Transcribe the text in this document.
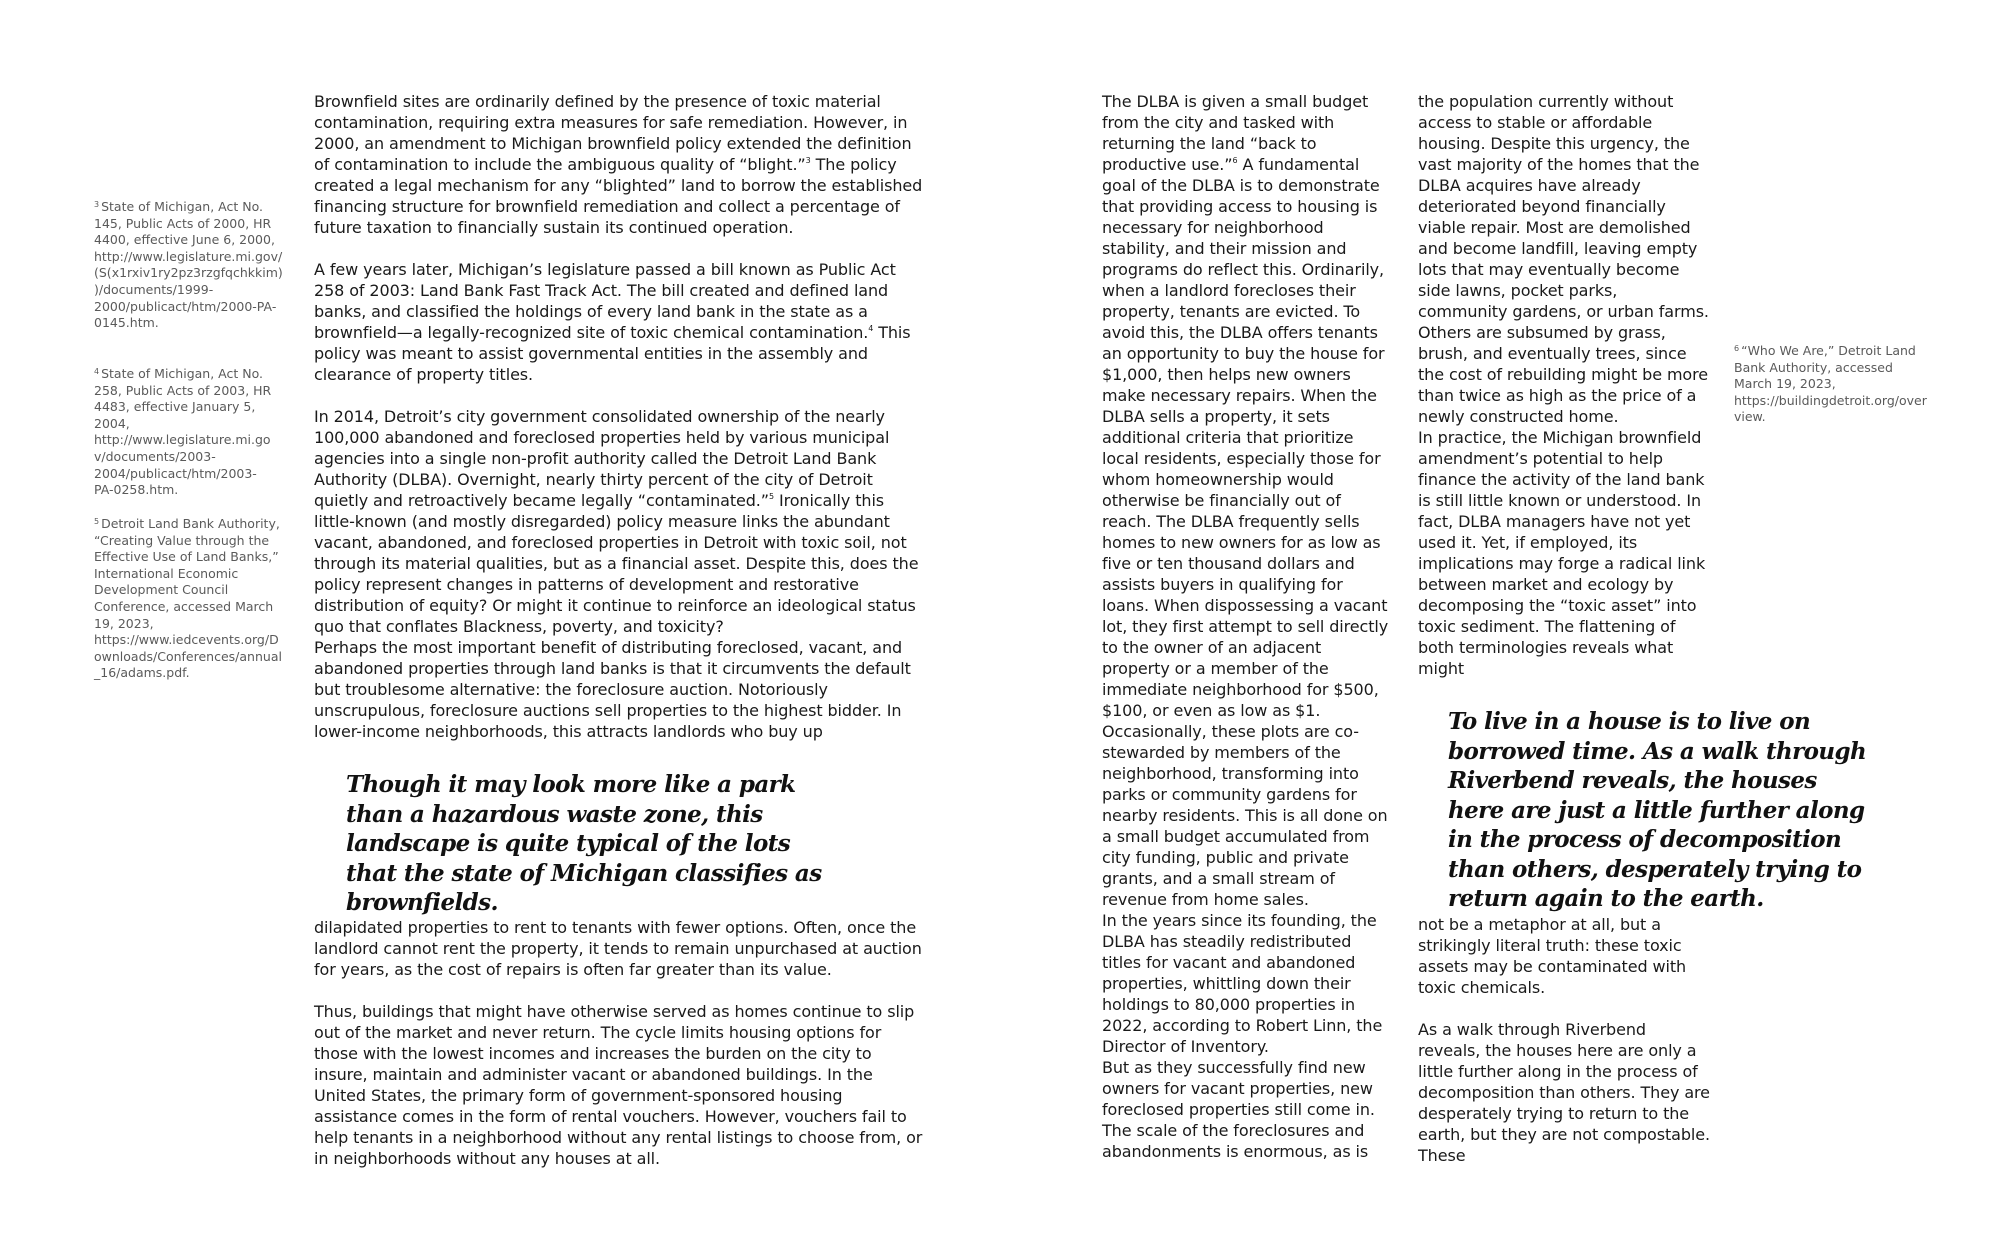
$^3$ State of Michigan, Act No. 145, Public Acts of 2000, HR 4400, effective June 6, 2000, http://www.legislature.mi.gov/(S(x1rxiv1ry2pz3rzgfqchkkim))/documents/1999-2000/publicact/htm/2000-PA-0145.htm.
$^4$ State of Michigan, Act No. 258, Public Acts of 2003, HR 4483, effective January 5, 2004, http://www.legislature.mi.gov/documents/2003-2004/publicact/htm/2003-PA-0258.htm.
$^5$ Detroit Land Bank Authority, “Creating Value through the Effective Use of Land Banks,” International Economic Development Council Conference, accessed March 19, 2023, https://www.iedcevents.org/Downloads/Conferences/annual_16/adams.pdf.

Brownfield sites are ordinarily defined by the presence of toxic material contamination, requiring extra measures for safe remediation. However, in 2000, an amendment to Michigan brownfield policy extended the definition of contamination to include the ambiguous quality of “blight.”$^3$ The policy created a legal mechanism for any “blighted” land to borrow the established financing structure for brownfield remediation and collect a percentage of future taxation to financially sustain its continued operation.

A few years later, Michigan’s legislature passed a bill known as Public Act 258 of 2003: Land Bank Fast Track Act. The bill created and defined land banks, and classified the holdings of every land bank in the state as a brownfield—a legally-recognized site of toxic chemical contamination.$^4$ This policy was meant to assist governmental entities in the assembly and clearance of property titles.

In 2014, Detroit’s city government consolidated ownership of the nearly 100,000 abandoned and foreclosed properties held by various municipal agencies into a single non-profit authority called the Detroit Land Bank Authority (DLBA). Overnight, nearly thirty percent of the city of Detroit quietly and retroactively became legally “contaminated.”$^5$ Ironically this little-known (and mostly disregarded) policy measure links the abundant vacant, abandoned, and foreclosed properties in Detroit with toxic soil, not through its material qualities, but as a financial asset. Despite this, does the policy represent changes in patterns of development and restorative distribution of equity? Or might it continue to reinforce an ideological status quo that conflates Blackness, poverty, and toxicity?

Perhaps the most important benefit of distributing foreclosed, vacant, and abandoned properties through land banks is that it circumvents the default but troublesome alternative: the foreclosure auction. Notoriously unscrupulous, foreclosure auctions sell properties to the highest bidder. In lower-income neighborhoods, this attracts landlords who buy up

Though it may look more like a park than a hazardous waste zone, this landscape is quite typical of the lots that the state of Michigan classifies as brownfields.

dilapidated properties to rent to tenants with fewer options. Often, once the landlord cannot rent the property, it tends to remain unpurchased at auction for years, as the cost of repairs is often far greater than its value.

Thus, buildings that might have otherwise served as homes continue to slip out of the market and never return. The cycle limits housing options for those with the lowest incomes and increases the burden on the city to insure, maintain and administer vacant or abandoned buildings. In the United States, the primary form of government-sponsored housing assistance comes in the form of rental vouchers. However, vouchers fail to help tenants in a neighborhood without any rental listings to choose from, or in neighborhoods without any houses at all.

The DLBA is given a small budget from the city and tasked with returning the land “back to productive use.”$^6$ A fundamental goal of the DLBA is to demonstrate that providing access to housing is necessary for neighborhood stability, and their mission and programs do reflect this. Ordinarily, when a landlord forecloses their property, tenants are evicted. To avoid this, the DLBA offers tenants an opportunity to buy the house for $1,000, then helps new owners make necessary repairs. When the DLBA sells a property, it sets additional criteria that prioritize local residents, especially those for whom homeownership would otherwise be financially out of reach. The DLBA frequently sells homes to new owners for as low as five or ten thousand dollars and assists buyers in qualifying for loans. When dispossessing a vacant lot, they first attempt to sell directly to the owner of an adjacent property or a member of the immediate neighborhood for $500, $100, or even as low as $1. Occasionally, these plots are co-stewarded by members of the neighborhood, transforming into parks or community gardens for nearby residents. This is all done on a small budget accumulated from city funding, public and private grants, and a small stream of revenue from home sales.

In the years since its founding, the DLBA has steadily redistributed titles for vacant and abandoned properties, whittling down their holdings to 80,000 properties in 2022, according to Robert Linn, the Director of Inventory.

But as they successfully find new owners for vacant properties, new foreclosed properties still come in. The scale of the foreclosures and abandonments is enormous, as is

the population currently without access to stable or affordable housing. Despite this urgency, the vast majority of the homes that the DLBA acquires have already deteriorated beyond financially viable repair. Most are demolished and become landfill, leaving empty lots that may eventually become side lawns, pocket parks, community gardens, or urban farms. Others are subsumed by grass, brush, and eventually trees, since the cost of rebuilding might be more than twice as high as the price of a newly constructed home.

In practice, the Michigan brownfield amendment’s potential to help finance the activity of the land bank is still little known or understood. In fact, DLBA managers have not yet used it. Yet, if employed, its implications may forge a radical link between market and ecology by decomposing the “toxic asset” into toxic sediment. The flattening of both terminologies reveals what might

To live in a house is to live on borrowed time. As a walk through Riverbend reveals, the houses here are just a little further along in the process of decomposition than others, desperately trying to return again to the earth.

not be a metaphor at all, but a strikingly literal truth: these toxic assets may be contaminated with toxic chemicals.

As a walk through Riverbend reveals, the houses here are only a little further along in the process of decomposition than others. They are desperately trying to return to the earth, but they are not compostable. These

$^6$ “Who We Are,” Detroit Land Bank Authority, accessed March 19, 2023, https://buildingdetroit.org/overview.
